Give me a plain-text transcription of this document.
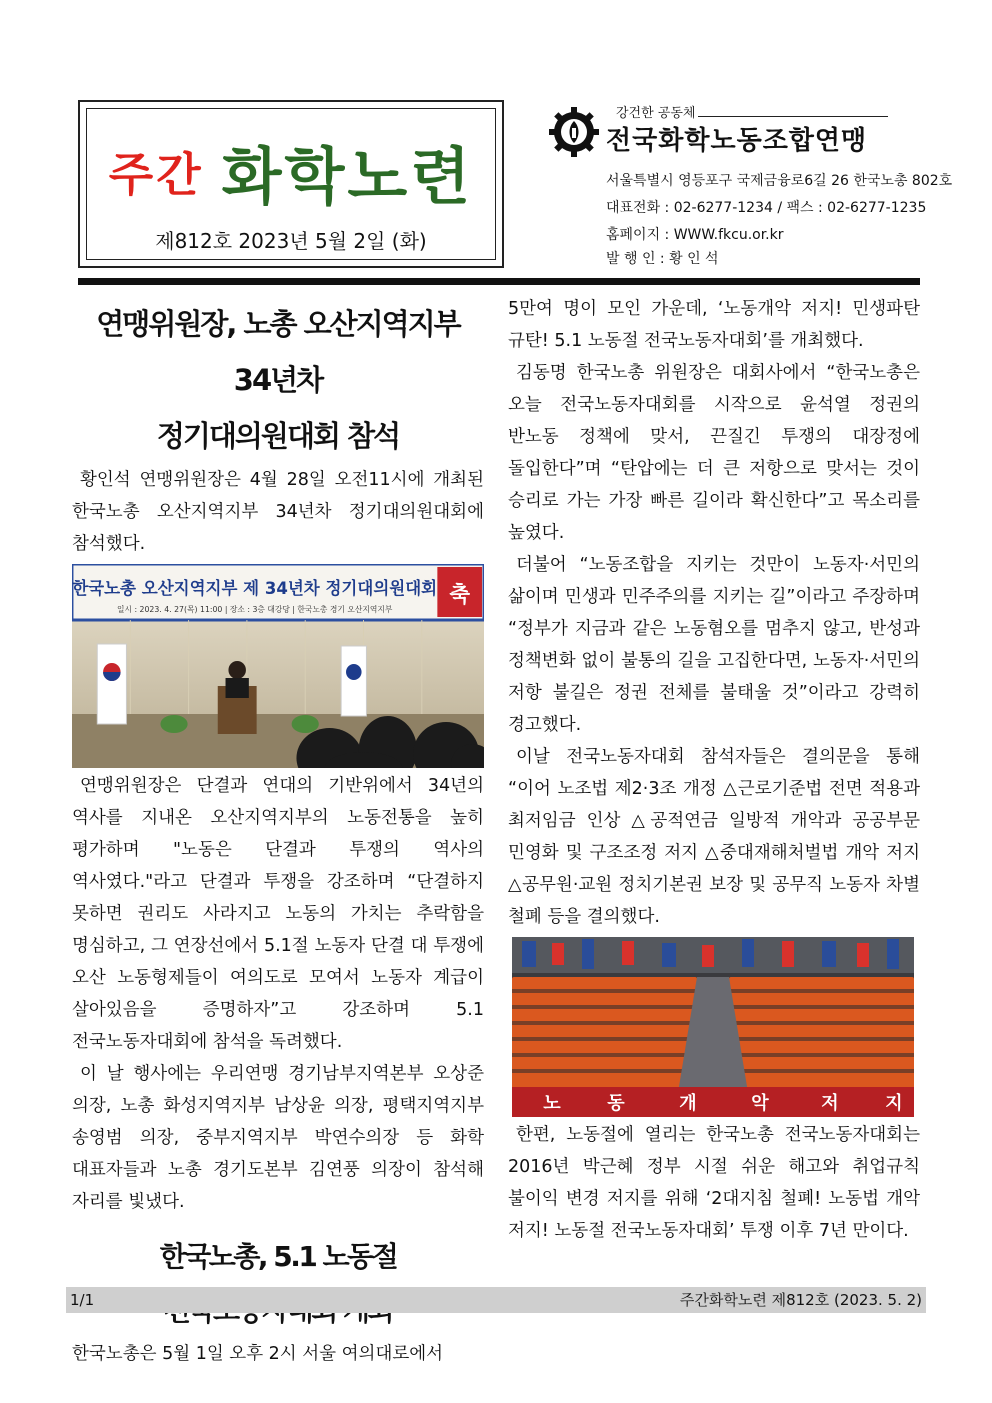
주간 화학노련
제812호 2023년 5월 2일 (화)
강건한 공동체
전국화학노동조합연맹
서울특별시 영등포구 국제금융로6길 26 한국노총 802호
대표전화 : 02-6277-1234 / 팩스 : 02-6277-1235
홈페이지 : WWW.fkcu.or.kr
발 행 인 : 황 인 석
연맹위원장, 노총 오산지역지부 34년차
정기대의원대회 참석

황인석 연맹위원장은 4월 28일 오전11시에 개최된 한국노총 오산지역지부 34년차 정기대의원대회에 참석했다.

축
한국노총 오산지역지부 제 34년차 정기대의원대회
일시 : 2023. 4. 27(목) 11:00 | 장소 : 3층 대강당 | 한국노총 경기 오산지역지부

연맹위원장은 단결과 연대의 기반위에서 34년의 역사를 지내온 오산지역지부의 노동전통을 높히 평가하며 "노동은 단결과 투쟁의 역사의 역사였다."라고 단결과 투쟁을 강조하며 “단결하지 못하면 권리도 사라지고 노동의 가치는 추락함을 명심하고, 그 연장선에서 5.1절 노동자 단결 대 투쟁에 오산 노동형제들이 여의도로 모여서 노동자 계급이 살아있음을 증명하자”고 강조하며 5.1 전국노동자대회에 참석을 독려했다.

이 날 행사에는 우리연맹 경기남부지역본부 오상준 의장, 노총 화성지역지부 남상윤 의장, 평택지역지부 송영범 의장, 중부지역지부 박연수의장 등 화학 대표자들과 노총 경기도본부 김연풍 의장이 참석해 자리를 빛냈다.

한국노총, 5.1 노동절

한국노총은 5월 1일 오후 2시 서울 여의대로에서

5만여 명이 모인 가운데, ‘노동개악 저지! 민생파탄 규탄! 5.1 노동절 전국노동자대회’를 개최했다.

김동명 한국노총 위원장은 대회사에서 “한국노총은 오늘 전국노동자대회를 시작으로 윤석열 정권의 반노동 정책에 맞서, 끈질긴 투쟁의 대장정에 돌입한다”며 “탄압에는 더 큰 저항으로 맞서는 것이 승리로 가는 가장 빠른 길이라 확신한다”고 목소리를 높였다.

더불어 “노동조합을 지키는 것만이 노동자·서민의 삶이며 민생과 민주주의를 지키는 길”이라고 주장하며 “정부가 지금과 같은 노동혐오를 멈추지 않고, 반성과 정책변화 없이 불통의 길을 고집한다면, 노동자·서민의 저항 불길은 정권 전체를 불태울 것”이라고 강력히 경고했다.

이날 전국노동자대회 참석자들은 결의문을 통해 “이어 노조법 제2·3조 개정 △근로기준법 전면 적용과 최저임금 인상 △공적연금 일방적 개악과 공공부문 민영화 및 구조조정 저지 △중대재해처벌법 개악 저지 △공무원·교원 정치기본권 보장 및 공무직 노동자 차별 철폐 등을 결의했다.

노	동	개	악	저	지

한편, 노동절에 열리는 한국노총 전국노동자대회는 2016년 박근혜 정부 시절 쉬운 해고와 취업규칙 불이익 변경 저지를 위해 ‘2대지침 철폐! 노동법 개악 저지! 노동절 전국노동자대회’ 투쟁 이후 7년 만이다.

1/1	주간화학노련 제812호 (2023. 5. 2)
